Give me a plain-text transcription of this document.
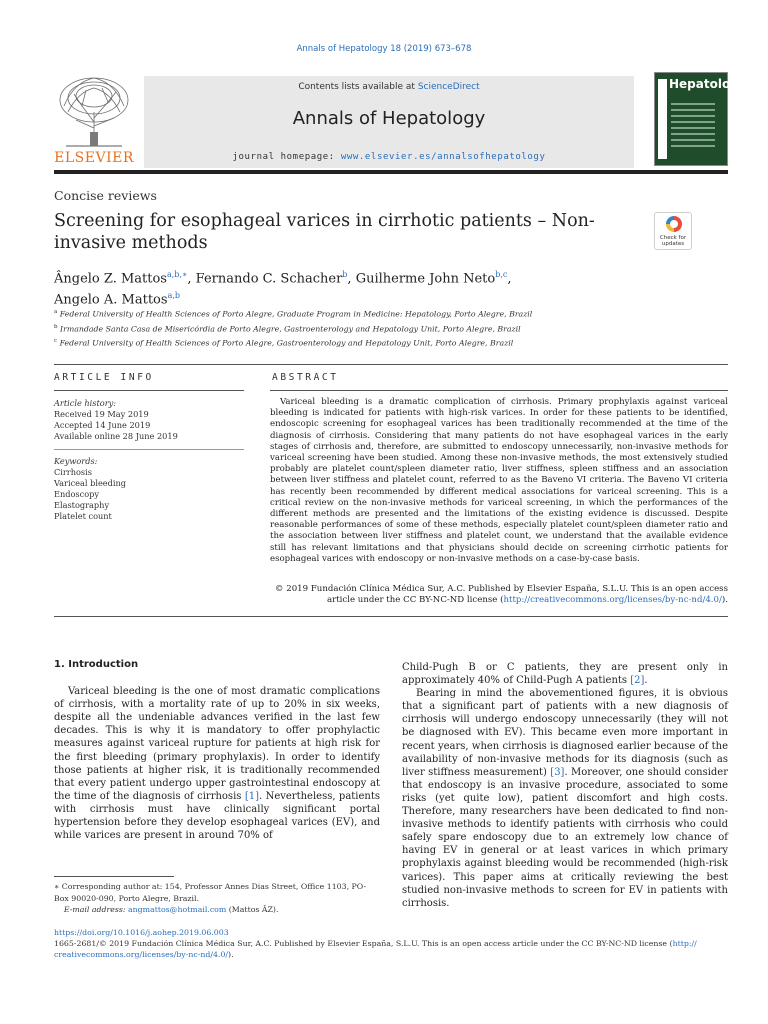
Annals of Hepatology 18 (2019) 673–678
ELSEVIER
Contents lists available at ScienceDirect
Annals of Hepatology
journal homepage: www.elsevier.es/annalsofhepatology
Hepatology
Concise reviews
Screening for esophageal varices in cirrhotic patients – Non-invasive methods	Check for updates
Ângelo Z. Mattos$^{a,b,∗}$, Fernando C. Schacher$^b$, Guilherme John Neto$^{b,c}$,
Angelo A. Mattos$^{a,b}$
$^a$ Federal University of Health Sciences of Porto Alegre, Graduate Program in Medicine: Hepatology, Porto Alegre, Brazil
$^b$ Irmandade Santa Casa de Misericórdia de Porto Alegre, Gastroenterology and Hepatology Unit, Porto Alegre, Brazil
$^c$ Federal University of Health Sciences of Porto Alegre, Gastroenterology and Hepatology Unit, Porto Alegre, Brazil
ARTICLE INFO	ABSTRACT
Article history:
Received 19 May 2019
Accepted 14 June 2019
Available online 28 June 2019
Keywords:
Cirrhosis
Variceal bleeding
Endoscopy
Elastography
Platelet count
Variceal bleeding is a dramatic complication of cirrhosis. Primary prophylaxis against variceal bleeding is indicated for patients with high-risk varices. In order for these patients to be identified, endoscopic screening for esophageal varices has been traditionally recommended at the time of the diagnosis of cirrhosis. Considering that many patients do not have esophageal varices in the early stages of cirrhosis and, therefore, are submitted to endoscopy unnecessarily, non-invasive methods for variceal screening have been studied. Among these non-invasive methods, the most extensively studied probably are platelet count/spleen diameter ratio, liver stiffness, spleen stiffness and an association between liver stiffness and platelet count, referred to as the Baveno VI criteria. The Baveno VI criteria has recently been recommended by different medical associations for variceal screening. This is a critical review on the non-invasive methods for variceal screening, in which the performances of the different methods are presented and the limitations of the existing evidence is discussed. Despite reasonable performances of some of these methods, especially platelet count/spleen diameter ratio and the association between liver stiffness and platelet count, we understand that the available evidence still has relevant limitations and that physicians should decide on screening cirrhotic patients for esophageal varices with endoscopy or non-invasive methods on a case-by-case basis.
© 2019 Fundación Clínica Médica Sur, A.C. Published by Elsevier España, S.L.U. This is an open access
article under the CC BY-NC-ND license (http://creativecommons.org/licenses/by-nc-nd/4.0/).
1. Introduction

Variceal bleeding is the one of most dramatic complications of cirrhosis, with a mortality rate of up to 20% in six weeks, despite all the undeniable advances verified in the last few decades. This is why it is mandatory to offer prophylactic measures against variceal rupture for patients at high risk for the first bleeding (primary prophylaxis). In order to identify those patients at higher risk, it is traditionally recommended that every patient undergo upper gastrointestinal endoscopy at the time of the diagnosis of cirrhosis [1]. Nevertheless, patients with cirrhosis must have clinically significant portal hypertension before they develop esophageal varices (EV), and while varices are present in around 70% of

Child-Pugh B or C patients, they are present only in approximately 40% of Child-Pugh A patients [2].

Bearing in mind the abovementioned figures, it is obvious that a significant part of patients with a new diagnosis of cirrhosis will undergo endoscopy unnecessarily (they will not be diagnosed with EV). This became even more important in recent years, when cirrhosis is diagnosed earlier because of the availability of non-invasive methods for its diagnosis (such as liver stiffness measurement) [3]. Moreover, one should consider that endoscopy is an invasive procedure, associated to some risks (yet quite low), patient discomfort and high costs. Therefore, many researchers have been dedicated to find non-invasive methods to identify patients with cirrhosis who could safely spare endoscopy due to an extremely low chance of having EV in general or at least varices in which primary prophylaxis against bleeding would be recommended (high-risk varices). This paper aims at critically reviewing the best studied non-invasive methods to screen for EV in patients with cirrhosis.

∗ Corresponding author at: 154, Professor Annes Dias Street, Office 1103, PO-Box 90020-090, Porto Alegre, Brazil.
E-mail address: angmattos@hotmail.com (Mattos ÂZ).
https://doi.org/10.1016/j.aohep.2019.06.003
1665-2681/© 2019 Fundación Clínica Médica Sur, A.C. Published by Elsevier España, S.L.U. This is an open access article under the CC BY-NC-ND license (http://
creativecommons.org/licenses/by-nc-nd/4.0/).
